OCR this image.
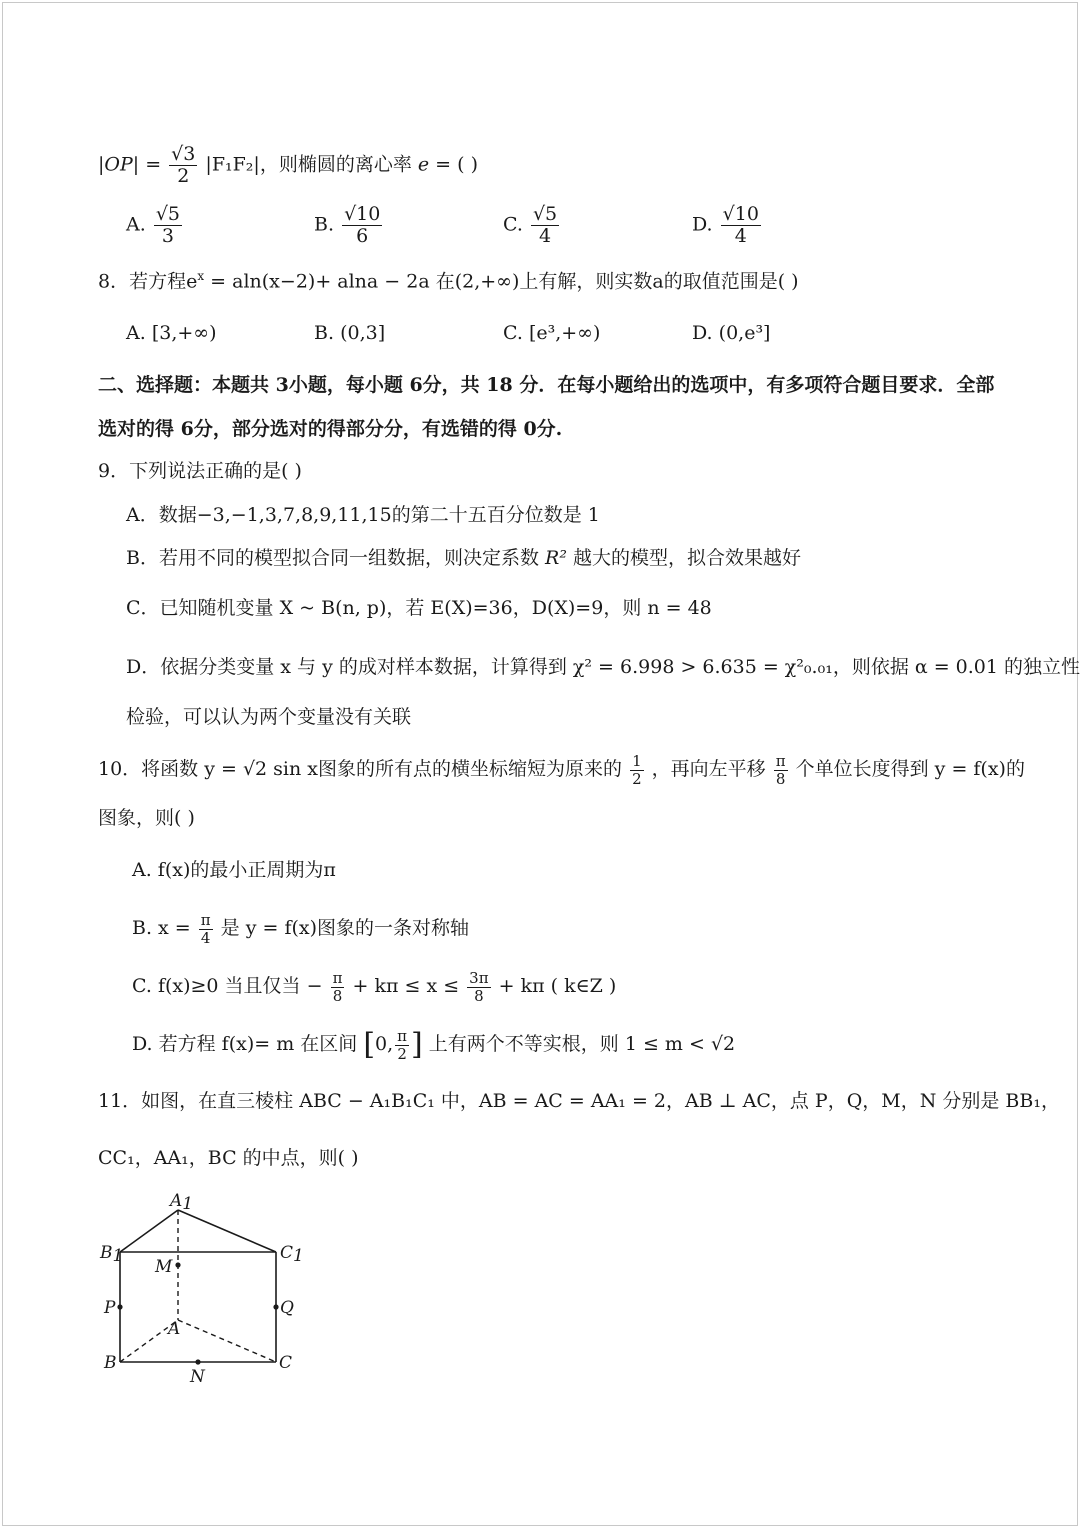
$|OP| = \frac{√3}{2} |F_1F_2|$，则椭圆的离心率 e = ( )
A. $\frac{√5}{3}$	B. $\frac{√10}{6}$	C. $\frac{√5}{4}$	D. $\frac{√10}{4}$
8．若方程$e^x = aln(x-2)+ alna - 2a$ 在(2,+∞)上有解，则实数a的取值范围是( )
A. [3,+∞)	B. (0,3]	C. [e³,+∞)	D. (0,e³]
二、选择题：本题共 3小题，每小题 6分，共 18 分．在每小题给出的选项中，有多项符合题目要求．全部
选对的得 6分，部分选对的得部分分，有选错的得 0分.
9．下列说法正确的是( )
A．数据−3,−1,3,7,8,9,11,15的第二十五百分位数是 1
B．若用不同的模型拟合同一组数据，则决定系数 R² 越大的模型，拟合效果越好
C．已知随机变量 X ~ B(n, p)，若 E(X)=36，D(X)=9，则 n = 48
D．依据分类变量 x 与 y 的成对样本数据，计算得到 χ² = 6.998 > 6.635 = χ²₀.₀₁，则依据 α = 0.01 的独立性
检验，可以认为两个变量没有关联
10．将函数 y = √2 sin x图象的所有点的横坐标缩短为原来的 $\frac{1}{2}$ ，再向左平移 $\frac{\pi}{8}$ 个单位长度得到 y = f(x)的
图象，则( )
A. f(x)的最小正周期为π
B. $x = \frac{\pi}{4}$ 是 y = f(x)图象的一条对称轴
C. f(x)≥0 当且仅当 − $\frac{\pi}{8} + k\pi \le x \le \frac{3\pi}{8} + k\pi$ ( k∈Z )
D. 若方程 f(x)= m 在区间 [0, $\frac{\pi}{2}$ ] 上有两个不等实根，则 1 ≤ m < √2
11．如图，在直三棱柱 ABC − A₁B₁C₁ 中，AB = AC = AA₁ = 2，AB ⊥ AC，点 P，Q，M，N 分别是 BB₁，
CC₁，AA₁，BC 的中点，则( )
A1
B1	C1
M
P	Q
A
B	C
N
